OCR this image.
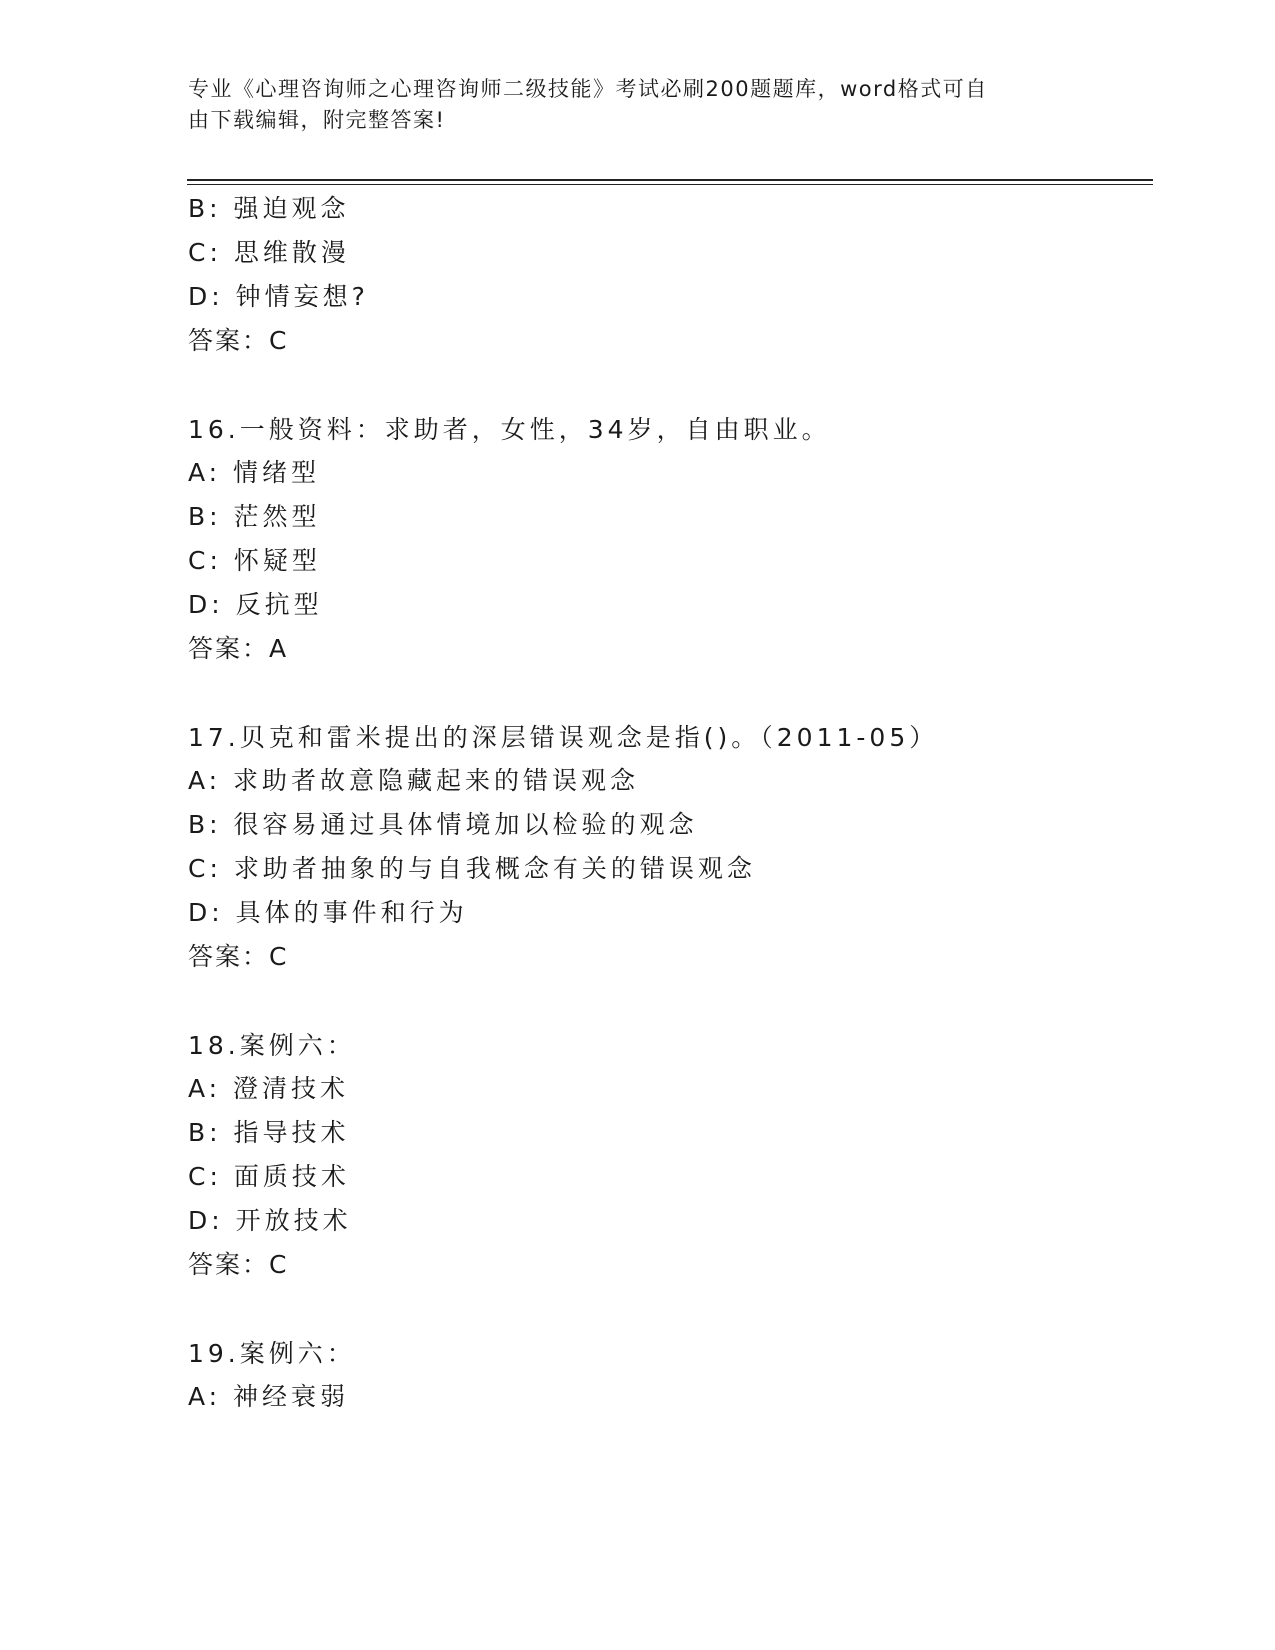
专业《心理咨询师之心理咨询师二级技能》考试必刷200题题库，word格式可自
由下载编辑，附完整答案!
B: 强迫观念
C: 思维散漫
D: 钟情妄想?
答案：C
16.一般资料：求助者，女性，34岁，自由职业。
A: 情绪型
B: 茫然型
C: 怀疑型
D: 反抗型
答案：A
17.贝克和雷米提出的深层错误观念是指()。（2011-05）
A: 求助者故意隐藏起来的错误观念
B: 很容易通过具体情境加以检验的观念
C: 求助者抽象的与自我概念有关的错误观念
D: 具体的事件和行为
答案：C
18.案例六：
A: 澄清技术
B: 指导技术
C: 面质技术
D: 开放技术
答案：C
19.案例六：
A: 神经衰弱
